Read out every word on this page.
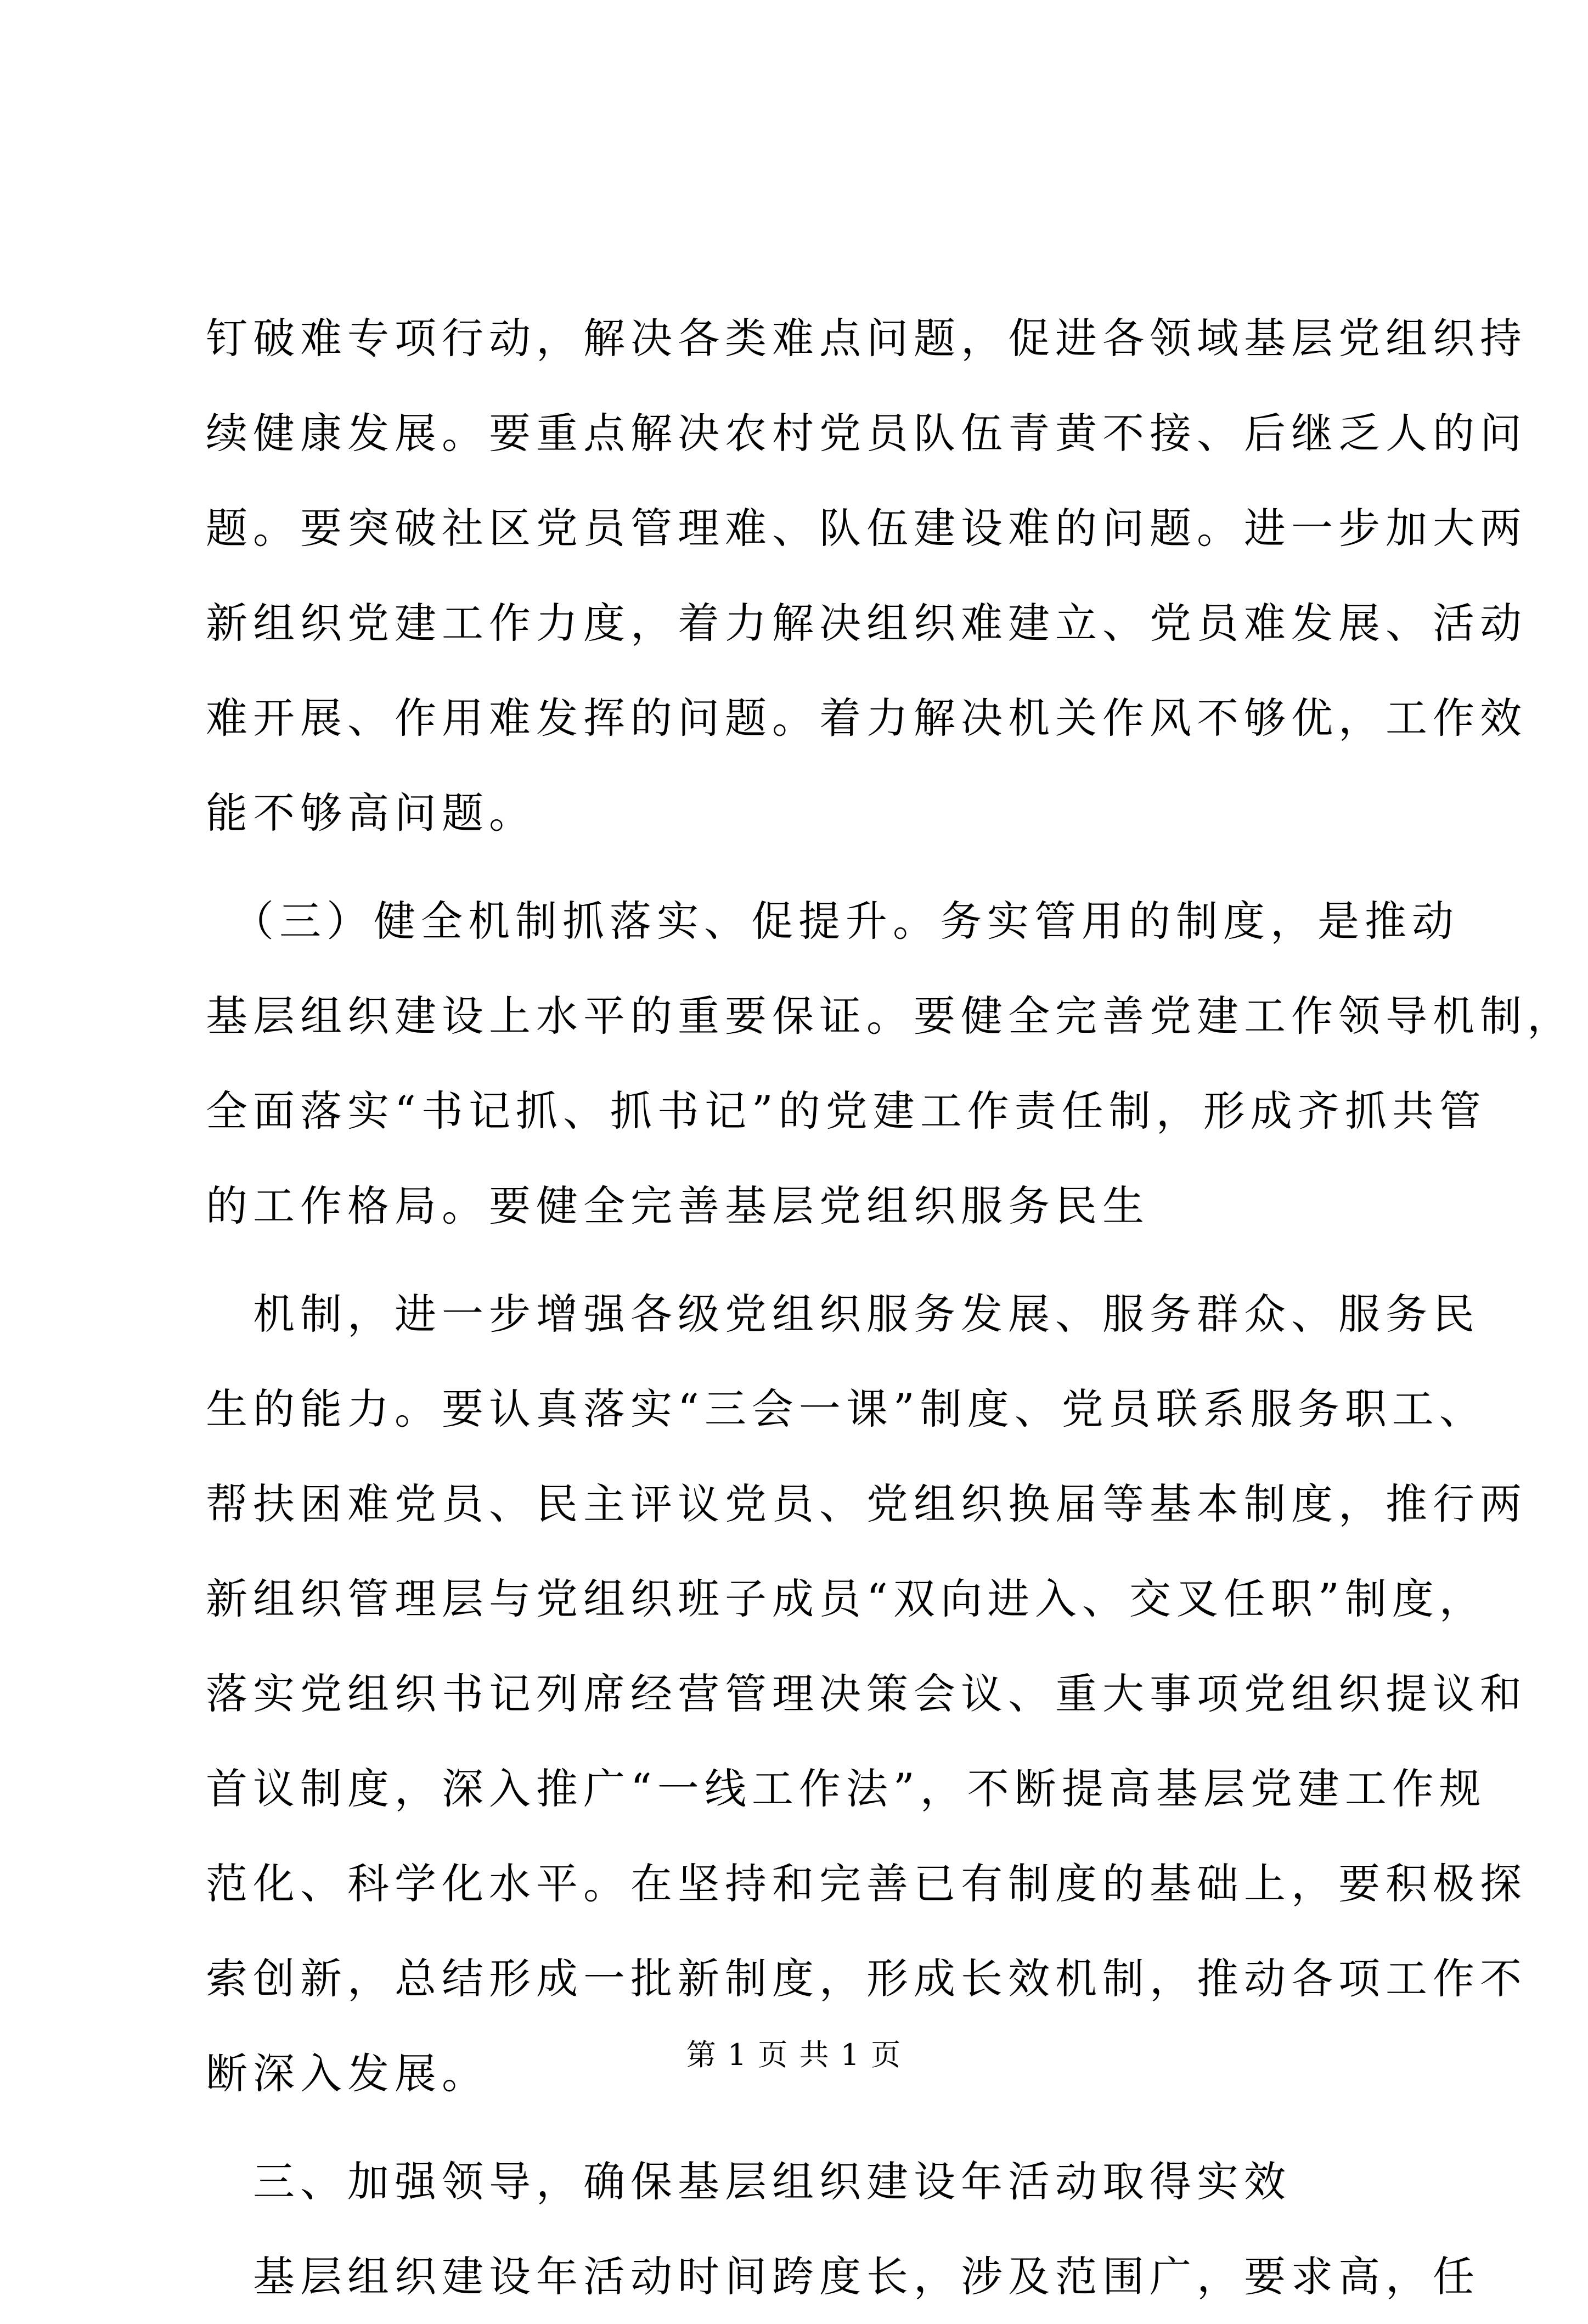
钉破难专项行动，解决各类难点问题，促进各领域基层党组织持
续健康发展。要重点解决农村党员队伍青黄不接、后继乏人的问
题。要突破社区党员管理难、队伍建设难的问题。进一步加大两
新组织党建工作力度，着力解决组织难建立、党员难发展、活动
难开展、作用难发挥的问题。着力解决机关作风不够优，工作效
能不够高问题。
　（三）健全机制抓落实、促提升。务实管用的制度，是推动
基层组织建设上水平的重要保证。要健全完善党建工作领导机制，
全面落实“书记抓、抓书记”的党建工作责任制，形成齐抓共管
的工作格局。要健全完善基层党组织服务民生
　机制，进一步增强各级党组织服务发展、服务群众、服务民
生的能力。要认真落实“三会一课”制度、党员联系服务职工、
帮扶困难党员、民主评议党员、党组织换届等基本制度，推行两
新组织管理层与党组织班子成员“双向进入、交叉任职”制度，
落实党组织书记列席经营管理决策会议、重大事项党组织提议和
首议制度，深入推广“一线工作法”，不断提高基层党建工作规
范化、科学化水平。在坚持和完善已有制度的基础上，要积极探
索创新，总结形成一批新制度，形成长效机制，推动各项工作不
断深入发展。
　三、加强领导，确保基层组织建设年活动取得实效
　基层组织建设年活动时间跨度长，涉及范围广，要求高，任
第 1 页 共 1 页
